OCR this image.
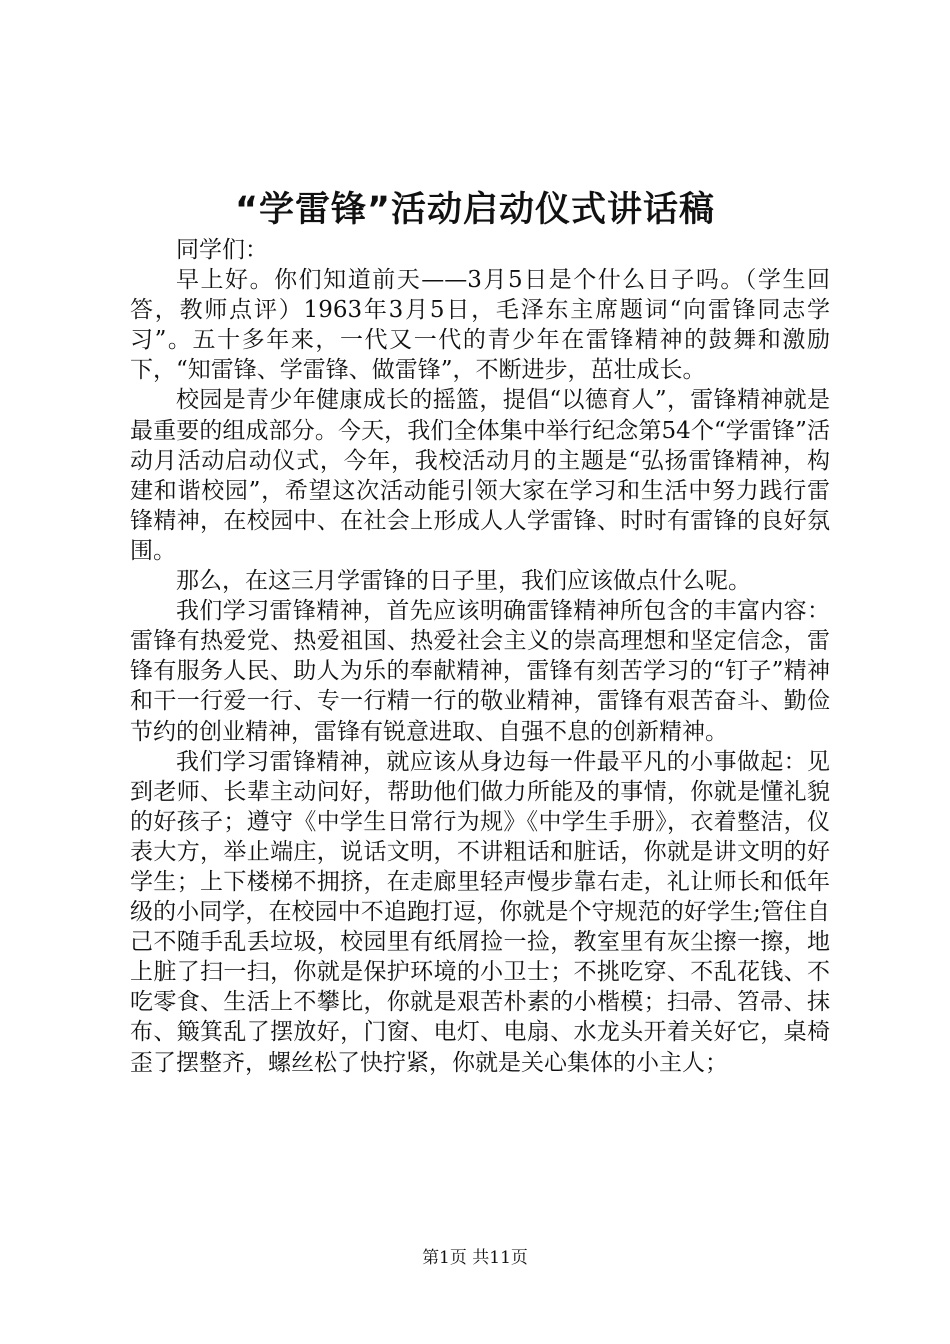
“学雷锋”活动启动仪式讲话稿

同学们：

早上好。你们知道前天——3月5日是个什么日子吗。（学生回答，教师点评）1963年3月5日，毛泽东主席题词“向雷锋同志学习”。五十多年来，一代又一代的青少年在雷锋精神的鼓舞和激励下，“知雷锋、学雷锋、做雷锋”，不断进步，茁壮成长。

校园是青少年健康成长的摇篮，提倡“以德育人”，雷锋精神就是最重要的组成部分。今天，我们全体集中举行纪念第54个“学雷锋”活动月活动启动仪式，今年，我校活动月的主题是“弘扬雷锋精神，构建和谐校园”，希望这次活动能引领大家在学习和生活中努力践行雷锋精神，在校园中、在社会上形成人人学雷锋、时时有雷锋的良好氛围。

那么，在这三月学雷锋的日子里，我们应该做点什么呢。

我们学习雷锋精神，首先应该明确雷锋精神所包含的丰富内容：雷锋有热爱党、热爱祖国、热爱社会主义的崇高理想和坚定信念，雷锋有服务人民、助人为乐的奉献精神，雷锋有刻苦学习的“钉子”精神和干一行爱一行、专一行精一行的敬业精神，雷锋有艰苦奋斗、勤俭节约的创业精神，雷锋有锐意进取、自强不息的创新精神。

我们学习雷锋精神，就应该从身边每一件最平凡的小事做起：见到老师、长辈主动问好，帮助他们做力所能及的事情，你就是懂礼貌的好孩子；遵守《中学生日常行为规》《中学生手册》，衣着整洁，仪表大方，举止端庄，说话文明，不讲粗话和脏话，你就是讲文明的好学生；上下楼梯不拥挤，在走廊里轻声慢步靠右走，礼让师长和低年级的小同学，在校园中不追跑打逗，你就是个守规范的好学生;管住自己不随手乱丢垃圾，校园里有纸屑捡一捡，教室里有灰尘擦一擦，地上脏了扫一扫，你就是保护环境的小卫士；不挑吃穿、不乱花钱、不吃零食、生活上不攀比，你就是艰苦朴素的小楷模；扫帚、笤帚、抹布、簸箕乱了摆放好，门窗、电灯、电扇、水龙头开着关好它，桌椅歪了摆整齐，螺丝松了快拧紧，你就是关心集体的小主人；

第1页 共11页
